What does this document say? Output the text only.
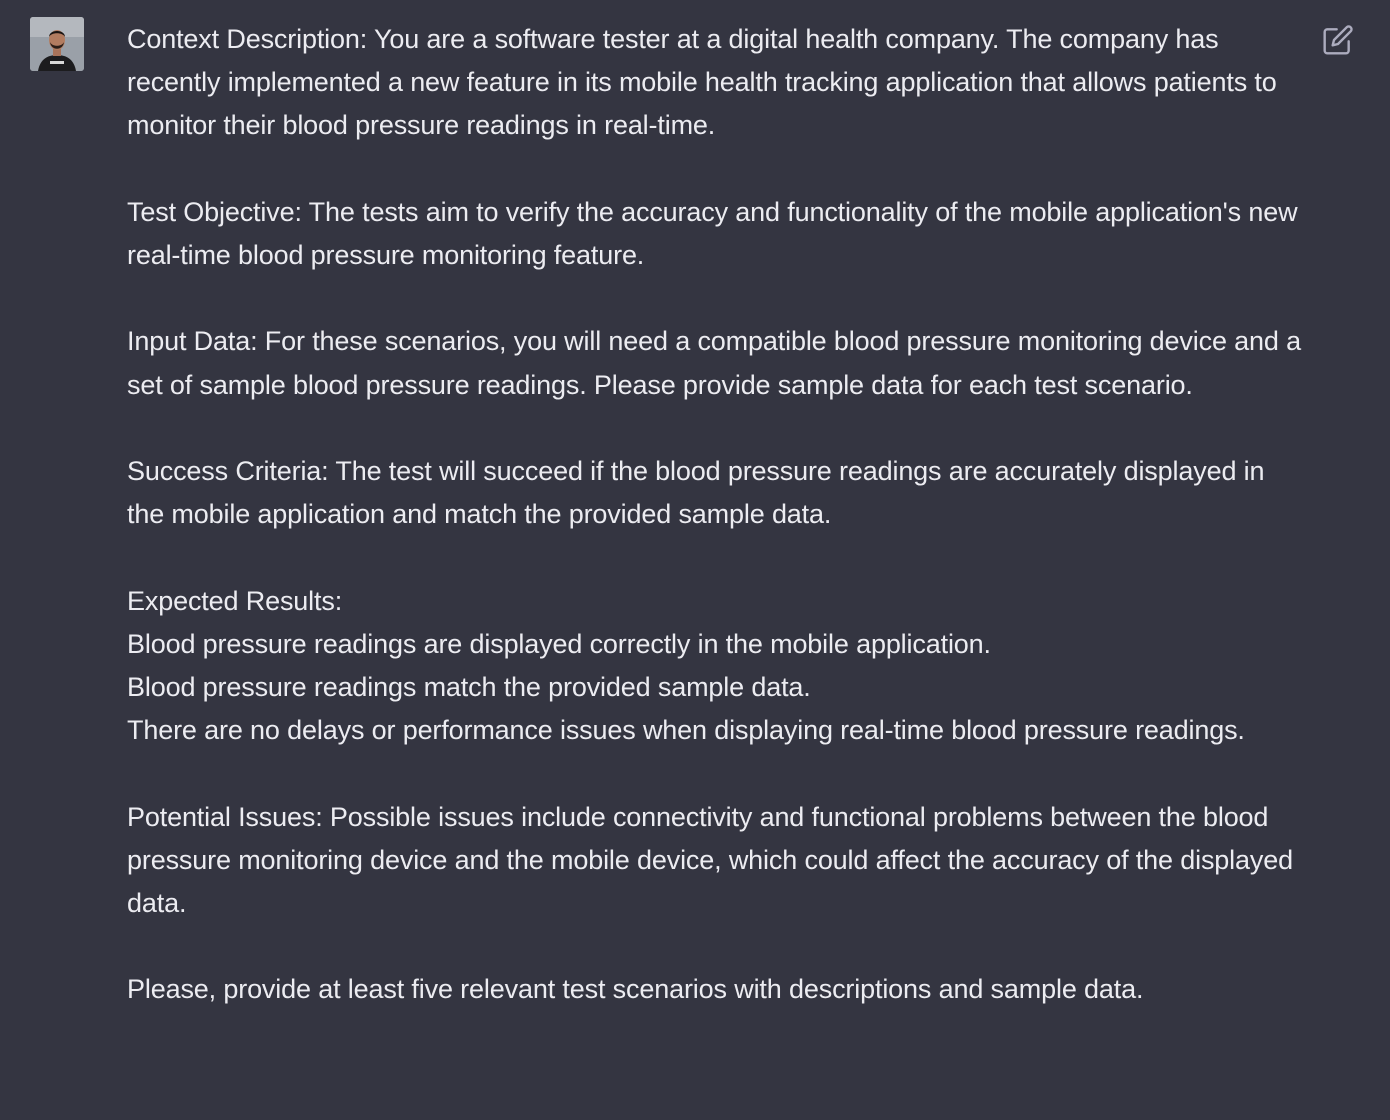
Context Description: You are a software tester at a digital health company. The company has recently implemented a new feature in its mobile health tracking application that allows patients to monitor their blood pressure readings in real-time.

Test Objective: The tests aim to verify the accuracy and functionality of the mobile application's new real-time blood pressure monitoring feature.

Input Data: For these scenarios, you will need a compatible blood pressure monitoring device and a set of sample blood pressure readings. Please provide sample data for each test scenario.

Success Criteria: The test will succeed if the blood pressure readings are accurately displayed in the mobile application and match the provided sample data.

Expected Results:

Blood pressure readings are displayed correctly in the mobile application.

Blood pressure readings match the provided sample data.

There are no delays or performance issues when displaying real-time blood pressure readings.

Potential Issues: Possible issues include connectivity and functional problems between the blood pressure monitoring device and the mobile device, which could affect the accuracy of the displayed data.

Please, provide at least five relevant test scenarios with descriptions and sample data.
